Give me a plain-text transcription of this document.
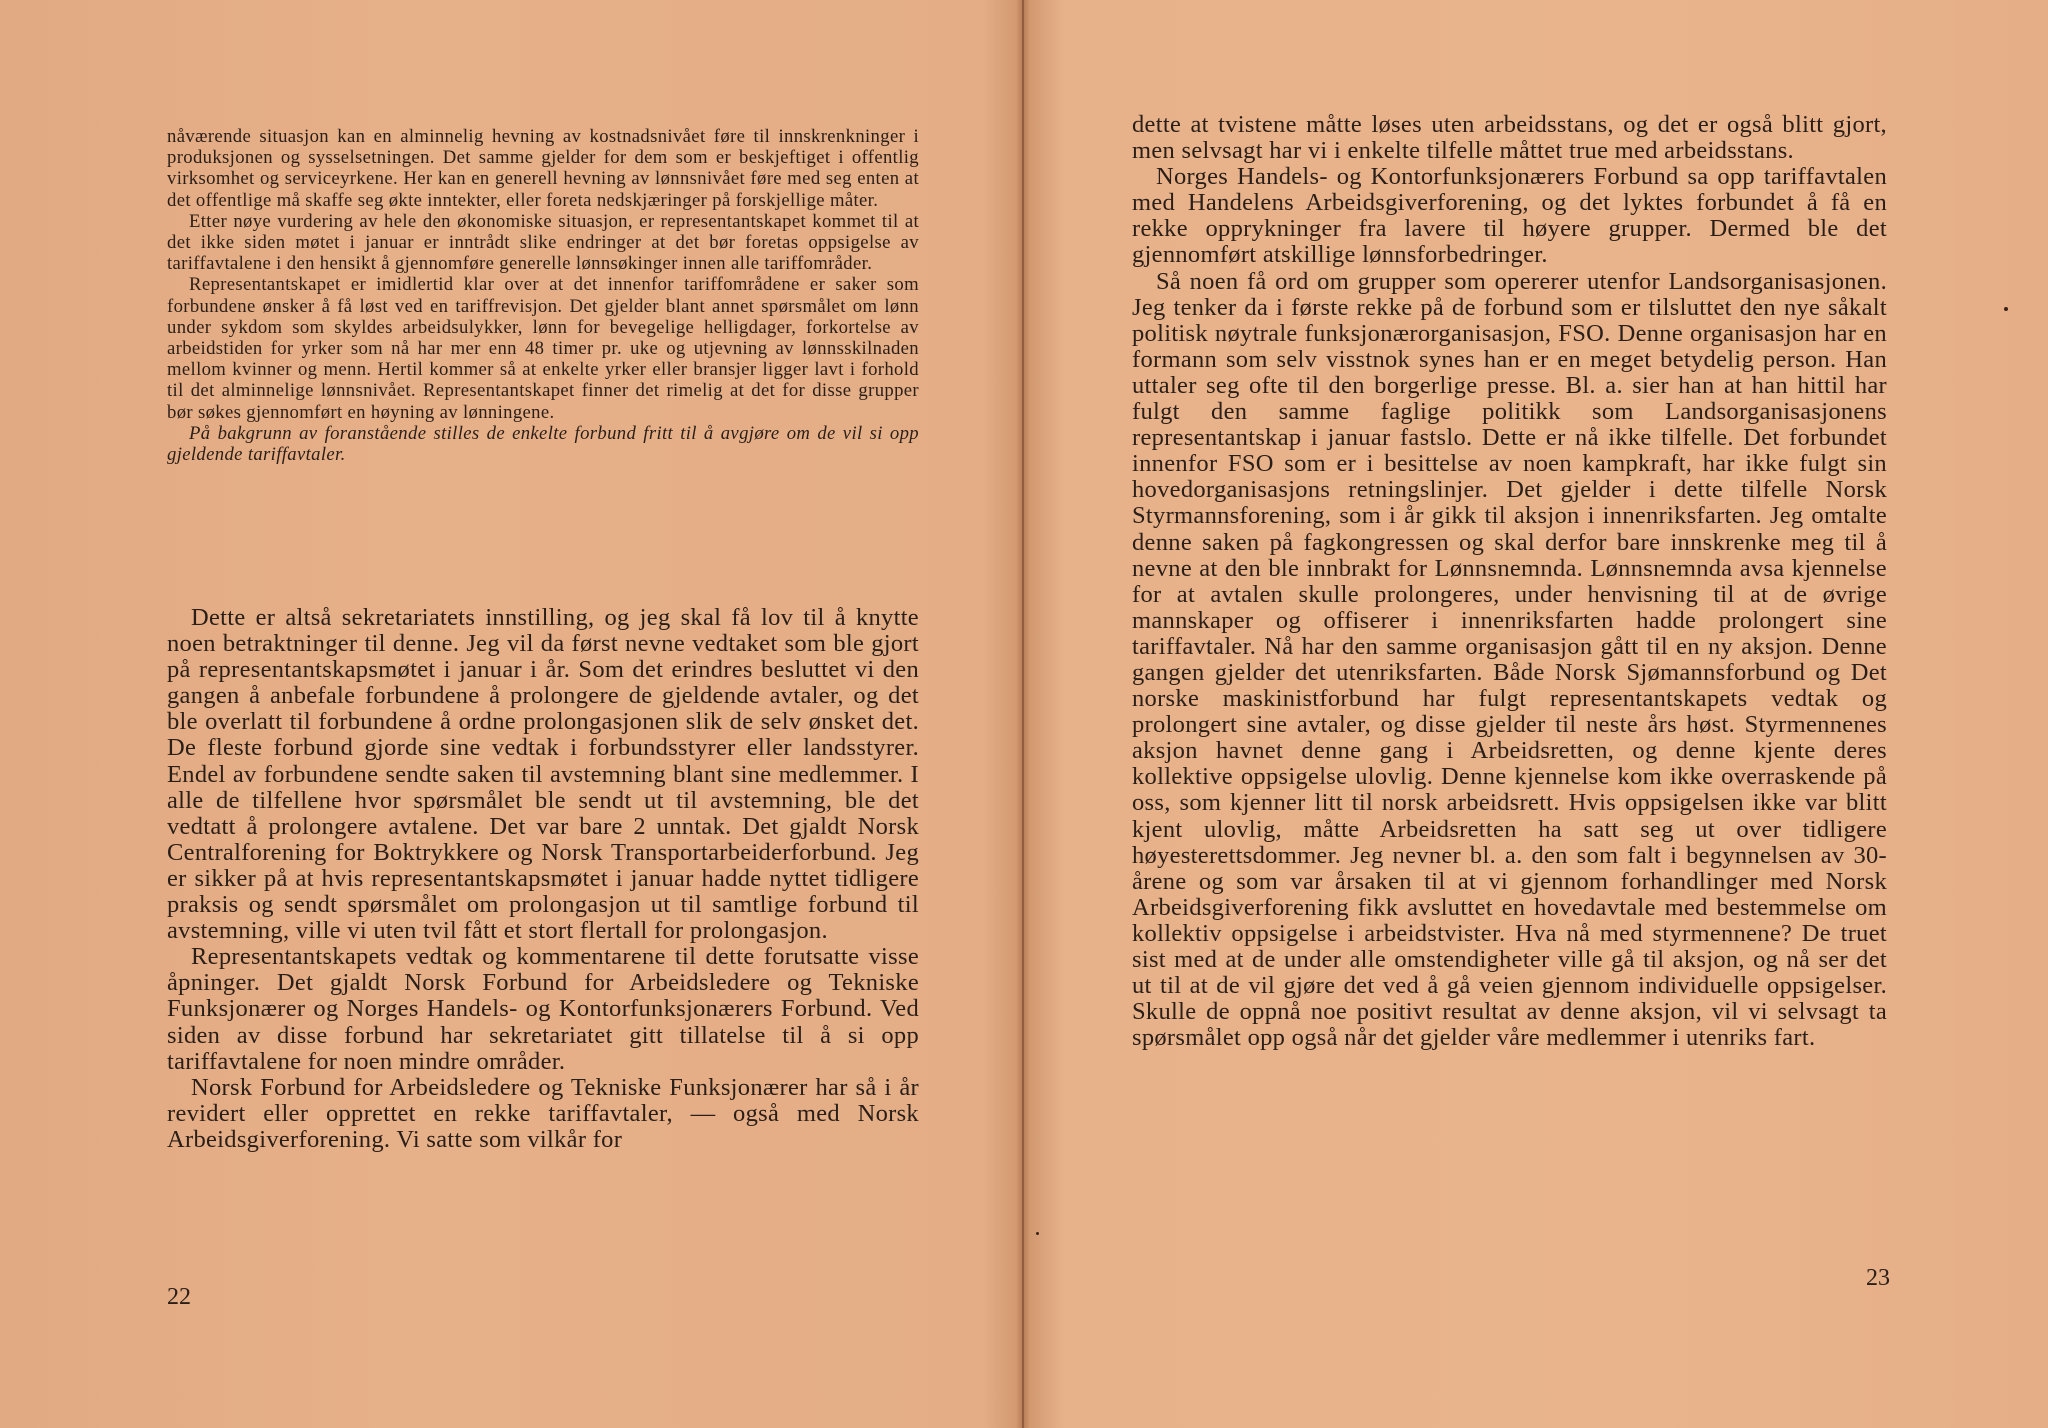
nåværende situasjon kan en alminnelig hevning av kostnadsnivået føre til innskrenkninger i produksjonen og sysselsetningen. Det samme gjelder for dem som er beskjeftiget i offentlig virksomhet og serviceyrkene. Her kan en generell hevning av lønnsnivået føre med seg enten at det offentlige må skaffe seg økte inntekter, eller foreta nedskjæringer på forskjellige måter.

Etter nøye vurdering av hele den økonomiske situasjon, er representantskapet kommet til at det ikke siden møtet i januar er inntrådt slike endringer at det bør foretas oppsigelse av tariffavtalene i den hensikt å gjennomføre generelle lønnsøkinger innen alle tariffområder.

Representantskapet er imidlertid klar over at det innenfor tariffområdene er saker som forbundene ønsker å få løst ved en tariffrevisjon. Det gjelder blant annet spørsmålet om lønn under sykdom som skyldes arbeidsulykker, lønn for bevegelige helligdager, forkortelse av arbeidstiden for yrker som nå har mer enn 48 timer pr. uke og utjevning av lønnsskilnaden mellom kvinner og menn. Hertil kommer så at enkelte yrker eller bransjer ligger lavt i forhold til det alminnelige lønnsnivået. Representantskapet finner det rimelig at det for disse grupper bør søkes gjennomført en høyning av lønningene.

På bakgrunn av foranstående stilles de enkelte forbund fritt til å avgjøre om de vil si opp gjeldende tariffavtaler.

Dette er altså sekretariatets innstilling, og jeg skal få lov til å knytte noen betraktninger til denne. Jeg vil da først nevne vedtaket som ble gjort på representantskapsmøtet i januar i år. Som det erindres besluttet vi den gangen å anbefale forbundene å prolongere de gjeldende avtaler, og det ble overlatt til forbundene å ordne prolongasjonen slik de selv ønsket det. De fleste forbund gjorde sine vedtak i forbundsstyrer eller landsstyrer. Endel av forbundene sendte saken til avstemning blant sine medlemmer. I alle de tilfellene hvor spørsmålet ble sendt ut til avstemning, ble det vedtatt å prolongere avtalene. Det var bare 2 unntak. Det gjaldt Norsk Centralforening for Boktrykkere og Norsk Transportarbeiderforbund. Jeg er sikker på at hvis representantskapsmøtet i januar hadde nyttet tidligere praksis og sendt spørsmålet om prolongasjon ut til samtlige forbund til avstemning, ville vi uten tvil fått et stort flertall for prolongasjon.

Representantskapets vedtak og kommentarene til dette forutsatte visse åpninger. Det gjaldt Norsk Forbund for Arbeidsledere og Tekniske Funksjonærer og Norges Handels- og Kontorfunksjonærers Forbund. Ved siden av disse forbund har sekretariatet gitt tillatelse til å si opp tariffavtalene for noen mindre områder.

Norsk Forbund for Arbeidsledere og Tekniske Funksjonærer har så i år revidert eller opprettet en rekke tariffavtaler, — også med Norsk Arbeidsgiverforening. Vi satte som vilkår for

22
23

dette at tvistene måtte løses uten arbeidsstans, og det er også blitt gjort, men selvsagt har vi i enkelte tilfelle måttet true med arbeidsstans.

Norges Handels- og Kontorfunksjonærers Forbund sa opp tariffavtalen med Handelens Arbeidsgiverforening, og det lyktes forbundet å få en rekke opprykninger fra lavere til høyere grupper. Dermed ble det gjennomført atskillige lønnsforbedringer.

Så noen få ord om grupper som opererer utenfor Landsorganisasjonen. Jeg tenker da i første rekke på de forbund som er tilsluttet den nye såkalt politisk nøytrale funksjonærorganisasjon, FSO. Denne organisasjon har en formann som selv visstnok synes han er en meget betydelig person. Han uttaler seg ofte til den borgerlige presse. Bl. a. sier han at han hittil har fulgt den samme faglige politikk som Landsorganisasjonens representantskap i januar fastslo. Dette er nå ikke tilfelle. Det forbundet innenfor FSO som er i besittelse av noen kampkraft, har ikke fulgt sin hovedorganisasjons retningslinjer. Det gjelder i dette tilfelle Norsk Styrmannsforening, som i år gikk til aksjon i innenriksfarten. Jeg omtalte denne saken på fagkongressen og skal derfor bare innskrenke meg til å nevne at den ble innbrakt for Lønnsnemnda. Lønnsnemnda avsa kjennelse for at avtalen skulle prolongeres, under henvisning til at de øvrige mannskaper og offiserer i innenriksfarten hadde prolongert sine tariffavtaler. Nå har den samme organisasjon gått til en ny aksjon. Denne gangen gjelder det utenriksfarten. Både Norsk Sjømannsforbund og Det norske maskinistforbund har fulgt representantskapets vedtak og prolongert sine avtaler, og disse gjelder til neste års høst. Styrmennenes aksjon havnet denne gang i Arbeidsretten, og denne kjente deres kollektive oppsigelse ulovlig. Denne kjennelse kom ikke overraskende på oss, som kjenner litt til norsk arbeidsrett. Hvis oppsigelsen ikke var blitt kjent ulovlig, måtte Arbeidsretten ha satt seg ut over tidligere høyesterettsdommer. Jeg nevner bl. a. den som falt i begynnelsen av 30-årene og som var årsaken til at vi gjennom forhandlinger med Norsk Arbeidsgiverforening fikk avsluttet en hovedavtale med bestemmelse om kollektiv oppsigelse i arbeidstvister. Hva nå med styrmennene? De truet sist med at de under alle omstendigheter ville gå til aksjon, og nå ser det ut til at de vil gjøre det ved å gå veien gjennom individuelle oppsigelser. Skulle de oppnå noe positivt resultat av denne aksjon, vil vi selvsagt ta spørsmålet opp også når det gjelder våre medlemmer i utenriks fart.
